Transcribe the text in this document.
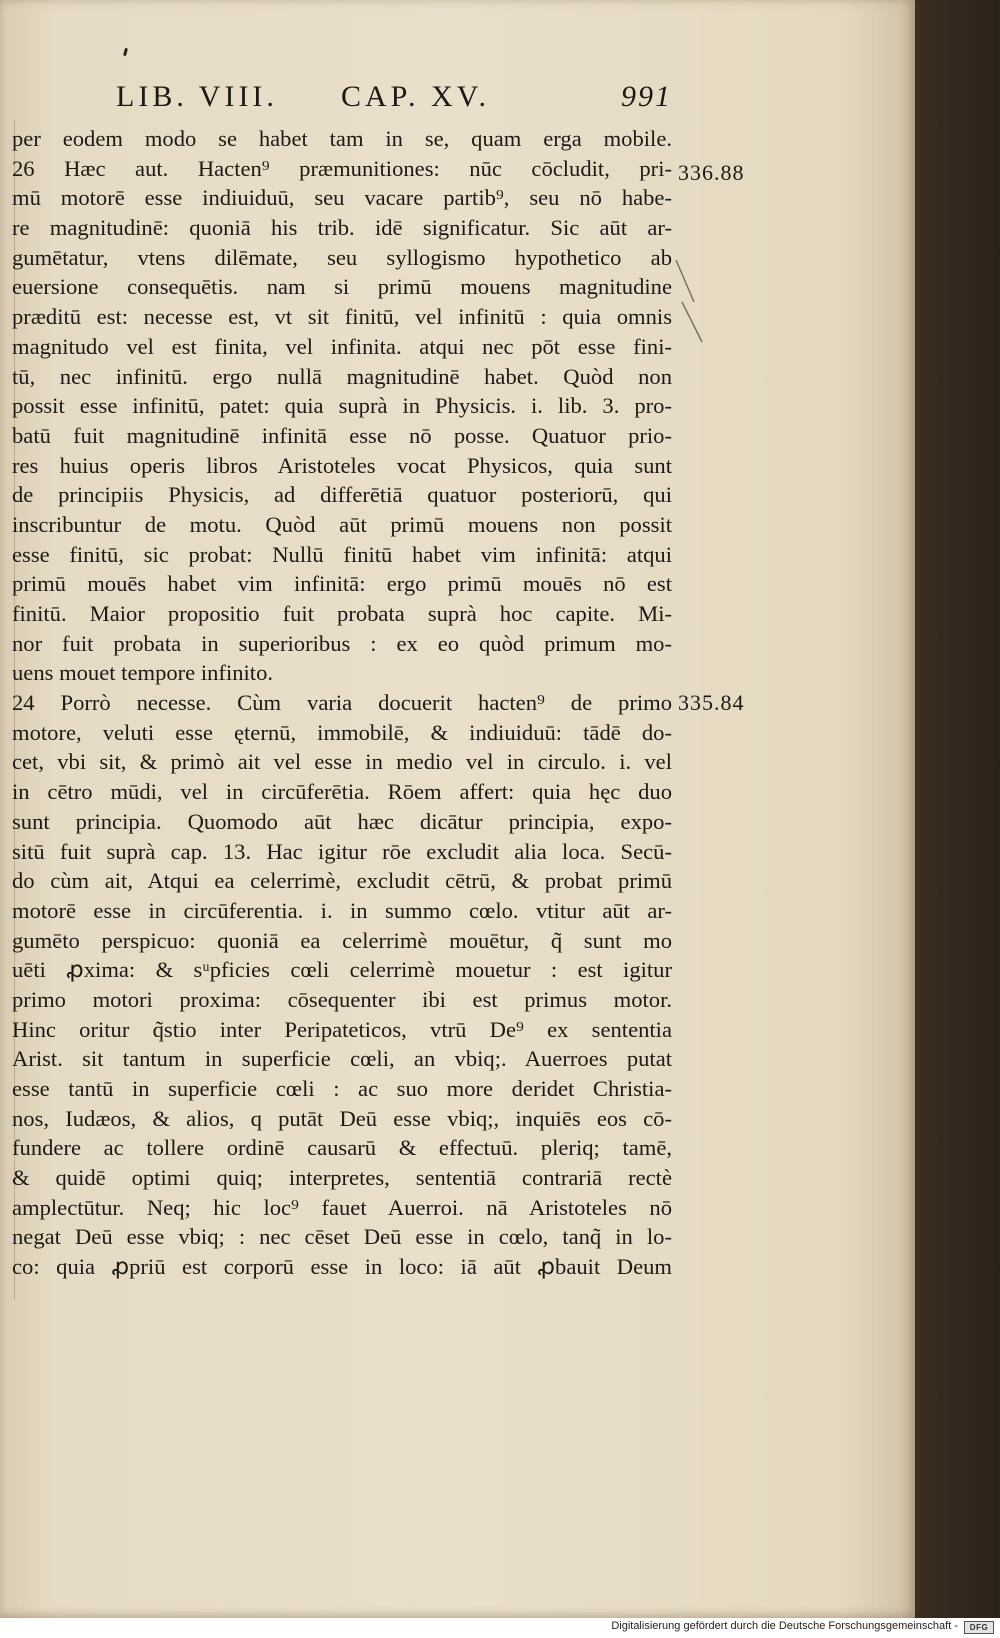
LIB. VIII. CAP. XV.	991
per eodem modo se habet tam in se, quam erga mobile.
26 Hæc aut. Hacten⁹ præmunitiones: nūc cōcludit, pri-
mū motorē esse indiuiduū, seu vacare partib⁹, seu nō habe-
re magnitudinē: quoniā his trib. idē significatur. Sic aūt ar-
gumētatur, vtens dilēmate, seu syllogismo hypothetico ab
euersione consequētis. nam si primū mouens magnitudine
præditū est: necesse est, vt sit finitū, vel infinitū : quia omnis
magnitudo vel est finita, vel infinita. atqui nec pōt esse fini-
tū, nec infinitū. ergo nullā magnitudinē habet. Quòd non
possit esse infinitū, patet: quia suprà in Physicis. i. lib. 3. pro-
batū fuit magnitudinē infinitā esse nō posse. Quatuor prio-
res huius operis libros Aristoteles vocat Physicos, quia sunt
de principiis Physicis, ad differētiā quatuor posteriorū, qui
inscribuntur de motu. Quòd aūt primū mouens non possit
esse finitū, sic probat: Nullū finitū habet vim infinitā: atqui
primū mouēs habet vim infinitā: ergo primū mouēs nō est
finitū. Maior propositio fuit probata suprà hoc capite. Mi-
nor fuit probata in superioribus : ex eo quòd primum mo-
uens mouet tempore infinito.
24 Porrò necesse. Cùm varia docuerit hacten⁹ de primo
motore, veluti esse ęternū, immobilē, & indiuiduū: tādē do-
cet, vbi sit, & primò ait vel esse in medio vel in circulo. i. vel
in cētro mūdi, vel in circūferētia. Rōem affert: quia hęc duo
sunt principia. Quomodo aūt hæc dicātur principia, expo-
sitū fuit suprà cap. 13. Hac igitur rōe excludit alia loca. Secū-
do cùm ait, Atqui ea celerrimè, excludit cētrū, & probat primū
motorē esse in circūferentia. i. in summo cœlo. vtitur aūt ar-
gumēto perspicuo: quoniā ea celerrimè mouētur, q̃ sunt mo
uēti ꝓxima: & sᵘpficies cœli celerrimè mouetur : est igitur
primo motori proxima: cōsequenter ibi est primus motor.
Hinc oritur q̃stio inter Peripateticos, vtrū De⁹ ex sententia
Arist. sit tantum in superficie cœli, an vbiq;. Auerroes putat
esse tantū in superficie cœli : ac suo more deridet Christia-
nos, Iudæos, & alios, q putāt Deū esse vbiq;, inquiēs eos cō-
fundere ac tollere ordinē causarū & effectuū. pleriq; tamē,
& quidē optimi quiq; interpretes, sententiā contrariā rectè
amplectūtur. Neq; hic loc⁹ fauet Auerroi. nā Aristoteles nō
negat Deū esse vbiq; : nec cēset Deū esse in cœlo, tanq̃ in lo-
co: quia ꝓpriū est corporū esse in loco: iā aūt ꝓbauit Deum
336.88
335.84
Digitalisierung gefördert durch die Deutsche Forschungsgemeinschaft -	DFG
